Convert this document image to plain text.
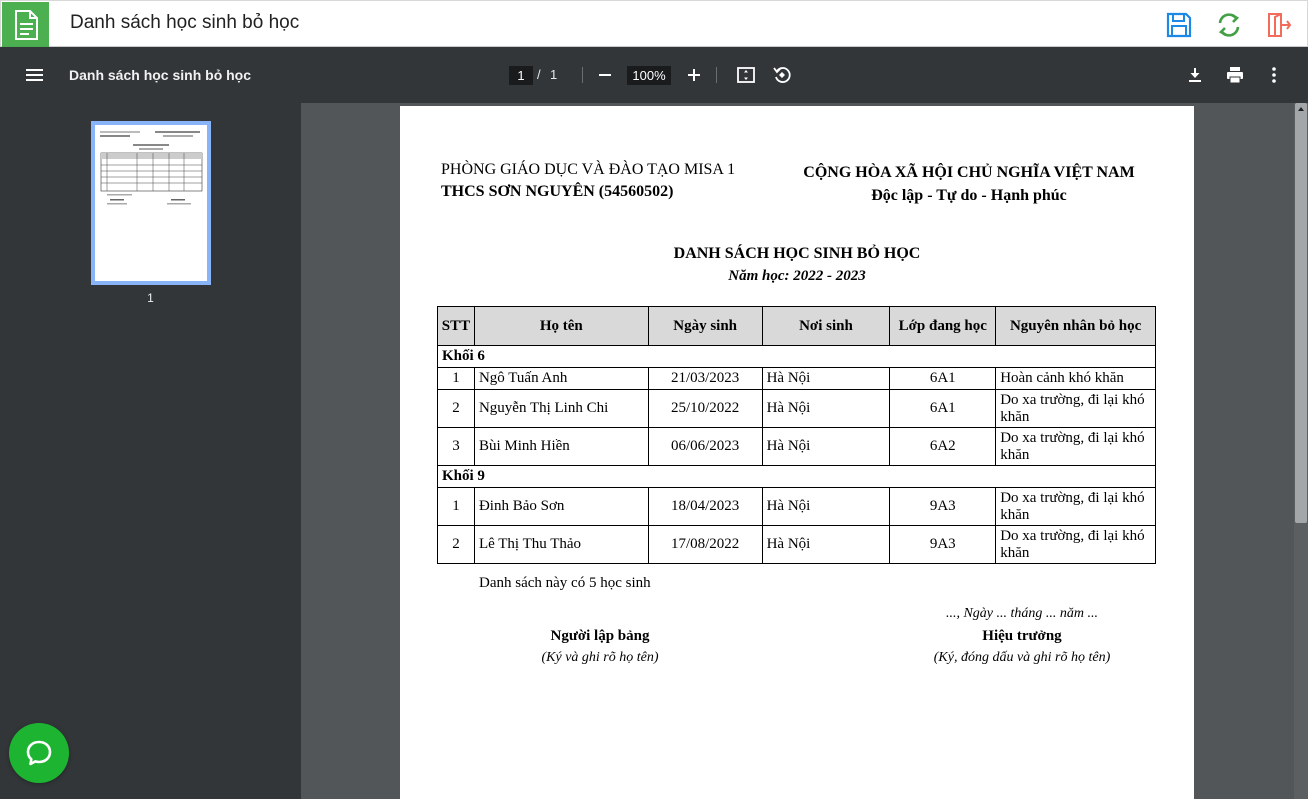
Danh sách học sinh bỏ học
Danh sách học sinh bỏ học	1 / 1	100%
1
PHÒNG GIÁO DỤC VÀ ĐÀO TẠO MISA 1
THCS SƠN NGUYÊN (54560502)
CỘNG HÒA XÃ HỘI CHỦ NGHĨA VIỆT NAM
Độc lập - Tự do - Hạnh phúc
DANH SÁCH HỌC SINH BỎ HỌC
Năm học: 2022 - 2023
STT	Họ tên	Ngày sinh	Nơi sinh	Lớp đang học	Nguyên nhân bỏ học
Khối 6					
1	Ngô Tuấn Anh	21/03/2023	Hà Nội	6A1	Hoàn cảnh khó khăn
2	Nguyễn Thị Linh Chi	25/10/2022	Hà Nội	6A1	Do xa trường, đi lại khó khăn
3	Bùi Minh Hiền	06/06/2023	Hà Nội	6A2	Do xa trường, đi lại khó khăn
Khối 9					
1	Đinh Bảo Sơn	18/04/2023	Hà Nội	9A3	Do xa trường, đi lại khó khăn
2	Lê Thị Thu Thảo	17/08/2022	Hà Nội	9A3	Do xa trường, đi lại khó khăn
Danh sách này có 5 học sinh
..., Ngày ... tháng ... năm ...
Người lập bảng
(Ký và ghi rõ họ tên)
Hiệu trưởng
(Ký, đóng dấu và ghi rõ họ tên)
